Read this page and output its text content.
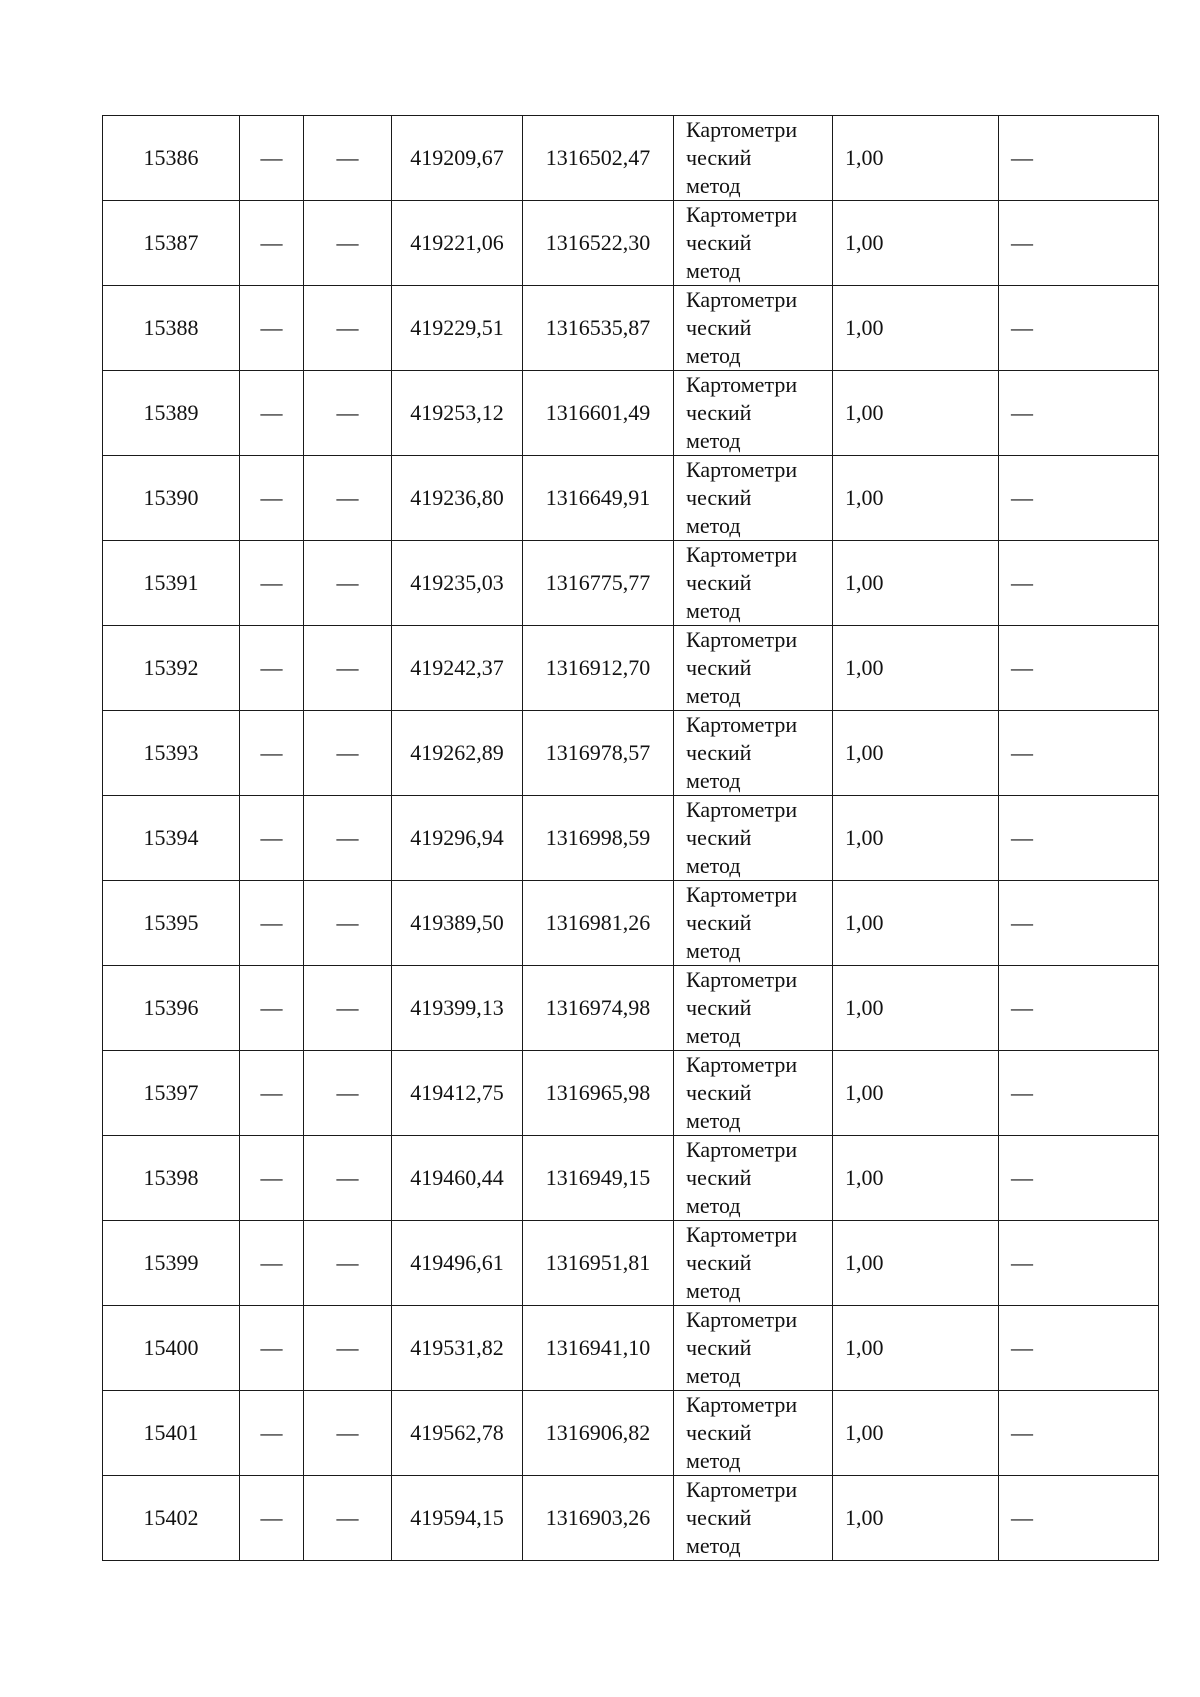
15386	—	—	419209,67	1316502,47	Картометри
ческий
метод	1,00	—
15387	—	—	419221,06	1316522,30	Картометри
ческий
метод	1,00	—
15388	—	—	419229,51	1316535,87	Картометри
ческий
метод	1,00	—
15389	—	—	419253,12	1316601,49	Картометри
ческий
метод	1,00	—
15390	—	—	419236,80	1316649,91	Картометри
ческий
метод	1,00	—
15391	—	—	419235,03	1316775,77	Картометри
ческий
метод	1,00	—
15392	—	—	419242,37	1316912,70	Картометри
ческий
метод	1,00	—
15393	—	—	419262,89	1316978,57	Картометри
ческий
метод	1,00	—
15394	—	—	419296,94	1316998,59	Картометри
ческий
метод	1,00	—
15395	—	—	419389,50	1316981,26	Картометри
ческий
метод	1,00	—
15396	—	—	419399,13	1316974,98	Картометри
ческий
метод	1,00	—
15397	—	—	419412,75	1316965,98	Картометри
ческий
метод	1,00	—
15398	—	—	419460,44	1316949,15	Картометри
ческий
метод	1,00	—
15399	—	—	419496,61	1316951,81	Картометри
ческий
метод	1,00	—
15400	—	—	419531,82	1316941,10	Картометри
ческий
метод	1,00	—
15401	—	—	419562,78	1316906,82	Картометри
ческий
метод	1,00	—
15402	—	—	419594,15	1316903,26	Картометри
ческий
метод	1,00	—
